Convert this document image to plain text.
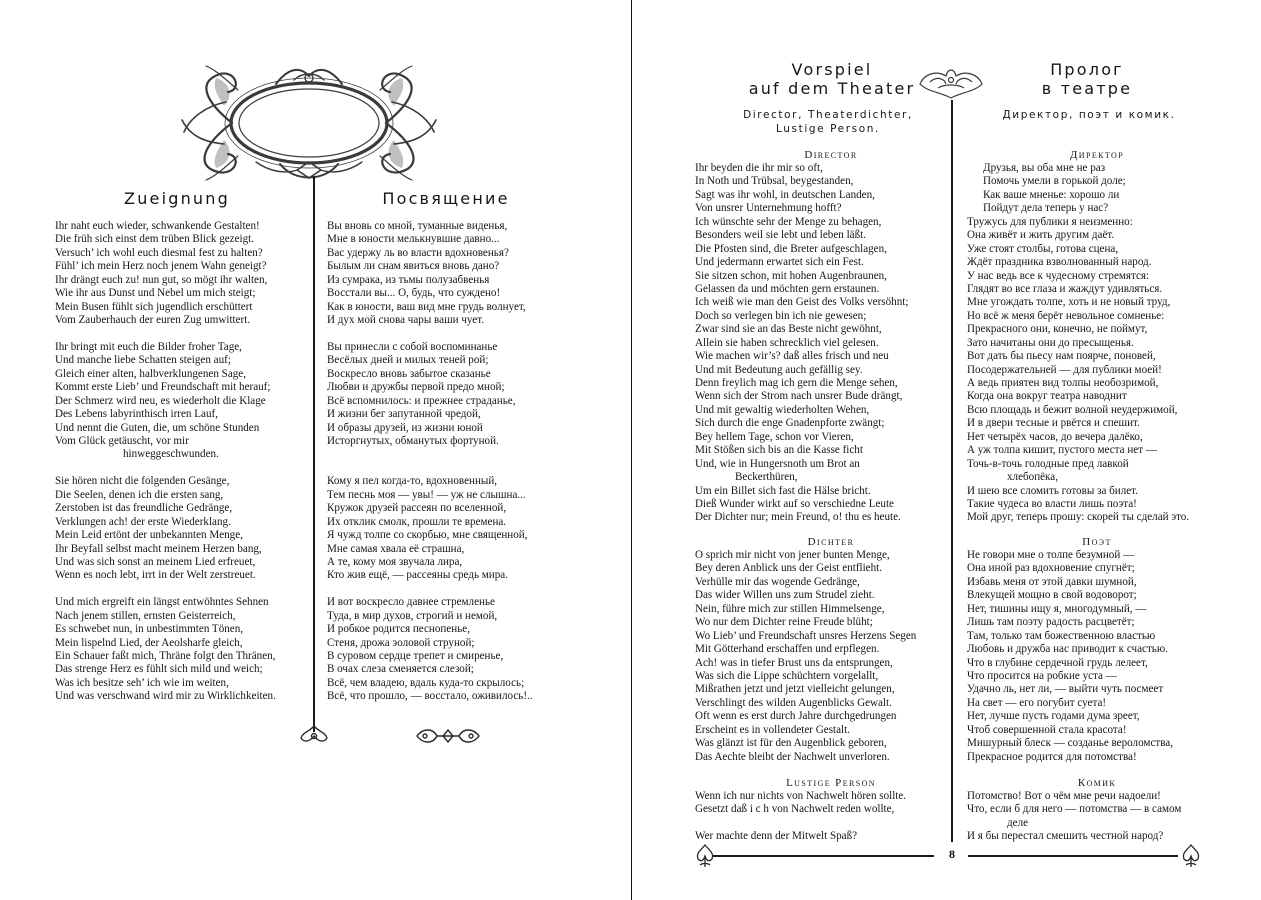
Zueignung	Посвящение
Ihr naht euch wieder, schwankende Gestalten!
Die früh sich einst dem trüben Blick gezeigt.
Versuch’ ich wohl euch diesmal fest zu halten?
Fühl’ ich mein Herz noch jenem Wahn geneigt?
Ihr drängt euch zu! nun gut, so mögt ihr walten,
Wie ihr aus Dunst und Nebel um mich steigt;
Mein Busen fühlt sich jugendlich erschüttert
Vom Zauberhauch der euren Zug umwittert.
Ihr bringt mit euch die Bilder froher Tage,
Und manche liebe Schatten steigen auf;
Gleich einer alten, halbverklungenen Sage,
Kommt erste Lieb’ und Freundschaft mit herauf;
Der Schmerz wird neu, es wiederholt die Klage
Des Lebens labyrinthisch irren Lauf,
Und nennt die Guten, die, um schöne Stunden
Vom Glück getäuscht, vor mir
hinweggeschwunden.
Sie hören nicht die folgenden Gesänge,
Die Seelen, denen ich die ersten sang,
Zerstoben ist das freundliche Gedränge,
Verklungen ach! der erste Wiederklang.
Mein Leid ertönt der unbekannten Menge,
Ihr Beyfall selbst macht meinem Herzen bang,
Und was sich sonst an meinem Lied erfreuet,
Wenn es noch lebt, irrt in der Welt zerstreuet.
Und mich ergreift ein längst entwöhntes Sehnen
Nach jenem stillen, ernsten Geisterreich,
Es schwebet nun, in unbestimmten Tönen,
Mein lispelnd Lied, der Aeolsharfe gleich,
Ein Schauer faßt mich, Thräne folgt den Thränen,
Das strenge Herz es fühlt sich mild und weich;
Was ich besitze seh’ ich wie im weiten,
Und was verschwand wird mir zu Wirklichkeiten.
Вы вновь со мной, туманные виденья,
Мне в юности мелькнувшие давно...
Вас удержу ль во власти вдохновенья?
Былым ли снам явиться вновь дано?
Из сумрака, из тьмы полузабвенья
Восстали вы... О, будь, что суждено!
Как в юности, ваш вид мне грудь волнует,
И дух мой снова чары ваши чует.
Вы принесли с собой воспоминанье
Весёлых дней и милых теней рой;
Воскресло вновь забытое сказанье
Любви и дружбы первой предо мной;
Всё вспомнилось: и прежнее страданье,
И жизни бег запутанной чредой,
И образы друзей, из жизни юной
Исторгнутых, обманутых фортуной.
Кому я пел когда-то, вдохновенный,
Тем песнь моя — увы! — уж не слышна...
Кружок друзей рассеян по вселенной,
Их отклик смолк, прошли те времена.
Я чужд толпе со скорбью, мне священной,
Мне самая хвала её страшна,
А те, кому моя звучала лира,
Кто жив ещё, — рассеяны средь мира.
И вот воскресло давнее стремленье
Туда, в мир духов, строгий и немой,
И робкое родится песнопенье,
Стеня, дрожа эоловой струной;
В суровом сердце трепет и смиренье,
В очах слеза сменяется слезой;
Всё, чем владею, вдаль куда-то скрылось;
Всё, что прошло, — восстало, оживилось!..
Vorspiel
auf dem Theater
Director, Theaterdichter,
Lustige Person.
Пролог
в театре
Директор, поэт и комик.
Director
Ihr beyden die ihr mir so oft,
In Noth und Trübsal, beygestanden,
Sagt was ihr wohl, in deutschen Landen,
Von unsrer Unternehmung hofft?
Ich wünschte sehr der Menge zu behagen,
Besonders weil sie lebt und leben läßt.
Die Pfosten sind, die Breter aufgeschlagen,
Und jedermann erwartet sich ein Fest.
Sie sitzen schon, mit hohen Augenbraunen,
Gelassen da und möchten gern erstaunen.
Ich weiß wie man den Geist des Volks versöhnt;
Doch so verlegen bin ich nie gewesen;
Zwar sind sie an das Beste nicht gewöhnt,
Allein sie haben schrecklich viel gelesen.
Wie machen wir’s? daß alles frisch und neu
Und mit Bedeutung auch gefällig sey.
Denn freylich mag ich gern die Menge sehen,
Wenn sich der Strom nach unsrer Bude drängt,
Und mit gewaltig wiederholten Wehen,
Sich durch die enge Gnadenpforte zwängt;
Bey hellem Tage, schon vor Vieren,
Mit Stößen sich bis an die Kasse ficht
Und, wie in Hungersnoth um Brot an
Beckerthüren,
Um ein Billet sich fast die Hälse bricht.
Dieß Wunder wirkt auf so verschiedne Leute
Der Dichter nur; mein Freund, o! thu es heute.
Dichter
O sprich mir nicht von jener bunten Menge,
Bey deren Anblick uns der Geist entflieht.
Verhülle mir das wogende Gedränge,
Das wider Willen uns zum Strudel zieht.
Nein, führe mich zur stillen Himmelsenge,
Wo nur dem Dichter reine Freude blüht;
Wo Lieb’ und Freundschaft unsres Herzens Segen
Mit Götterhand erschaffen und erpflegen.
Ach! was in tiefer Brust uns da entsprungen,
Was sich die Lippe schüchtern vorgelallt,
Mißrathen jetzt und jetzt vielleicht gelungen,
Verschlingt des wilden Augenblicks Gewalt.
Oft wenn es erst durch Jahre durchgedrungen
Erscheint es in vollendeter Gestalt.
Was glänzt ist für den Augenblick geboren,
Das Aechte bleibt der Nachwelt unverloren.
Lustige Person
Wenn ich nur nichts von Nachwelt hören sollte.
Gesetzt daß i c h von Nachwelt reden wollte,
Wer machte denn der Mitwelt Spaß?
Директор
Друзья, вы оба мне не раз
Помочь умели в горькой доле;
Как ваше мненье: хорошо ли
Пойдут дела теперь у нас?
Тружусь для публики я неизменно:
Она живёт и жить другим даёт.
Уже стоят столбы, готова сцена,
Ждёт праздника взволнованный народ.
У нас ведь все к чудесному стремятся:
Глядят во все глаза и жаждут удивляться.
Мне угождать толпе, хоть и не новый труд,
Но всё ж меня берёт невольное сомненье:
Прекрасного они, конечно, не поймут,
Зато начитаны они до пресыщенья.
Вот дать бы пьесу нам поярче, поновей,
Посодержательней — для публики моей!
А ведь приятен вид толпы необозримой,
Когда она вокруг театра наводнит
Всю площадь и бежит волной неудержимой,
И в двери тесные и рвётся и спешит.
Нет четырёх часов, до вечера далёко,
А уж толпа кишит, пустого места нет —
Точь-в-точь голодные пред лавкой
хлебопёка,
И шею все сломить готовы за билет.
Такие чудеса во власти лишь поэта!
Мой друг, теперь прошу: скорей ты сделай это.
Поэт
Не говори мне о толпе безумной —
Она иной раз вдохновение спугнёт;
Избавь меня от этой давки шумной,
Влекущей мощно в свой водоворот;
Нет, тишины ищу я, многодумный, —
Лишь там поэту радость расцветёт;
Там, только там божественною властью
Любовь и дружба нас приводит к счастью.
Что в глубине сердечной грудь лелеет,
Что просится на робкие уста —
Удачно ль, нет ли, — выйти чуть посмеет
На свет — его погубит суета!
Нет, лучше пусть годами дума зреет,
Чтоб совершенной стала красота!
Мишурный блеск — созданье вероломства,
Прекрасное родится для потомства!
Комик
Потомство! Вот о чём мне речи надоели!
Что, если б для него — потомства — в самом
деле
И я бы перестал смешить честной народ?
8
